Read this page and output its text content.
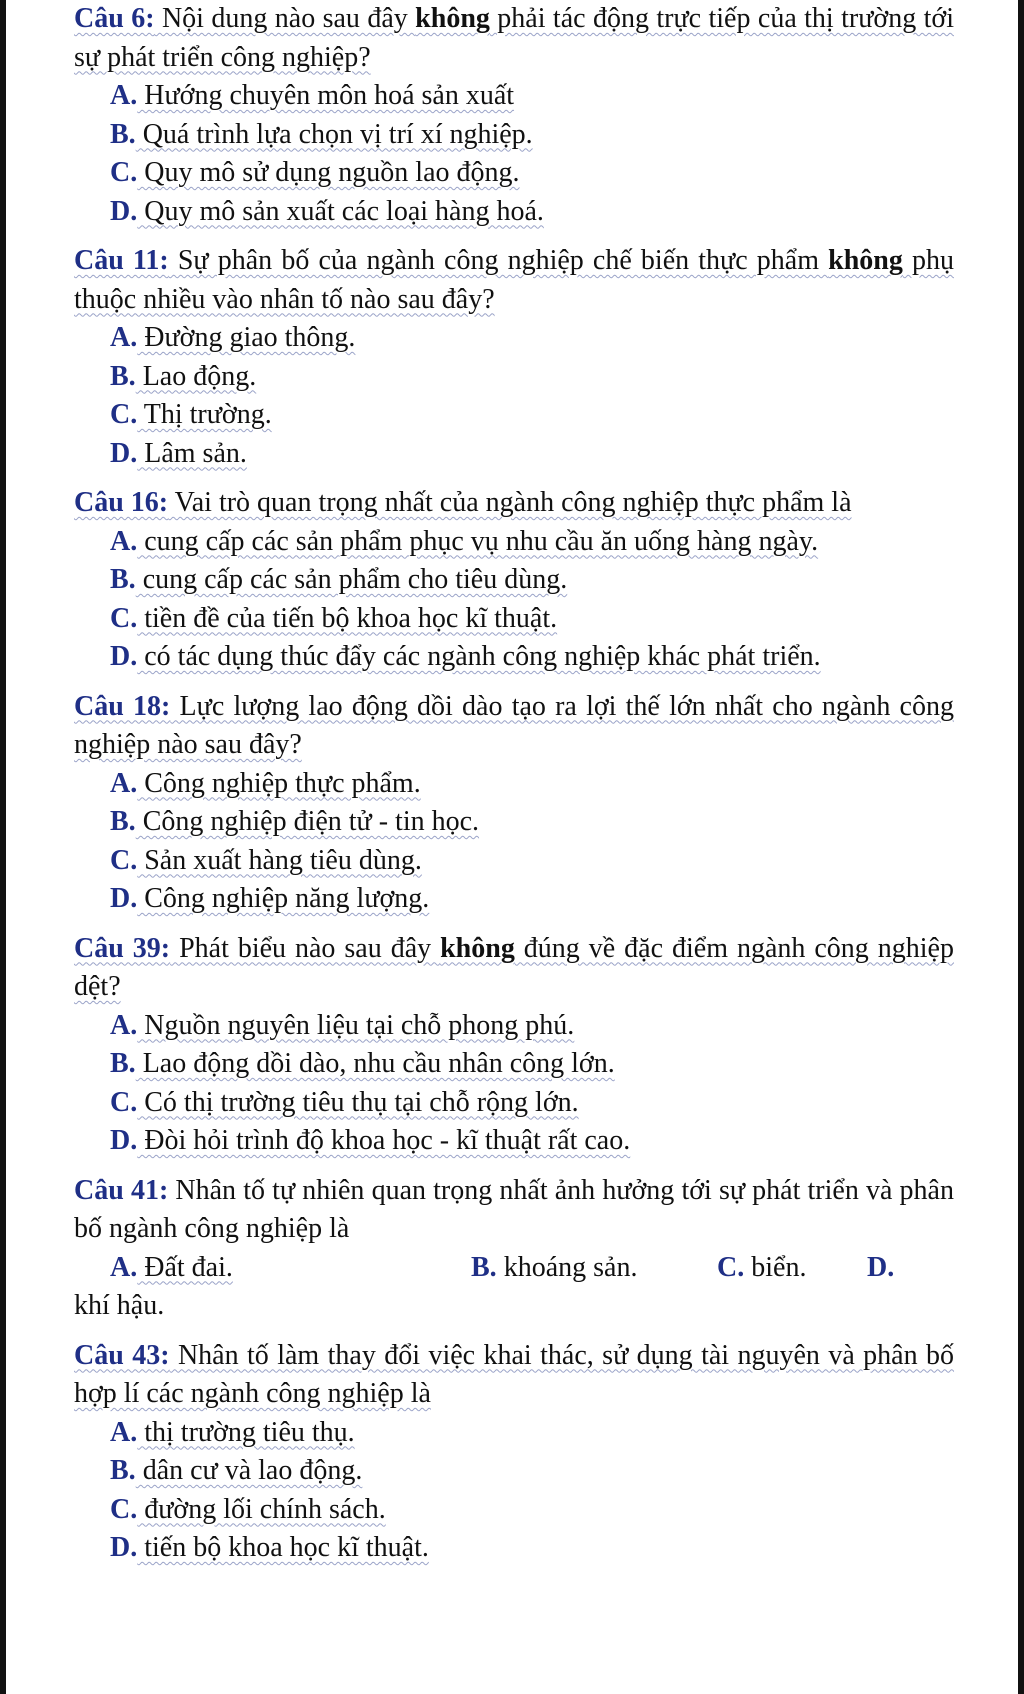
Câu 6: Nội dung nào sau đây không phải tác động trực tiếp của thị trường tới sự phát triển công nghiệp?

A. Hướng chuyên môn hoá sản xuất

B. Quá trình lựa chọn vị trí xí nghiệp.

C. Quy mô sử dụng nguồn lao động.

D. Quy mô sản xuất các loại hàng hoá.

Câu 11: Sự phân bố của ngành công nghiệp chế biến thực phẩm không phụ thuộc nhiều vào nhân tố nào sau đây?

A. Đường giao thông.

B. Lao động.

C. Thị trường.

D. Lâm sản.

Câu 16: Vai trò quan trọng nhất của ngành công nghiệp thực phẩm là

A. cung cấp các sản phẩm phục vụ nhu cầu ăn uống hàng ngày.

B. cung cấp các sản phẩm cho tiêu dùng.

C. tiền đề của tiến bộ khoa học kĩ thuật.

D. có tác dụng thúc đẩy các ngành công nghiệp khác phát triển.

Câu 18: Lực lượng lao động dồi dào tạo ra lợi thế lớn nhất cho ngành công nghiệp nào sau đây?

A. Công nghiệp thực phẩm.

B. Công nghiệp điện tử - tin học.

C. Sản xuất hàng tiêu dùng.

D. Công nghiệp năng lượng.

Câu 39: Phát biểu nào sau đây không đúng về đặc điểm ngành công nghiệp dệt?

A. Nguồn nguyên liệu tại chỗ phong phú.

B. Lao động dồi dào, nhu cầu nhân công lớn.

C. Có thị trường tiêu thụ tại chỗ rộng lớn.

D. Đòi hỏi trình độ khoa học - kĩ thuật rất cao.

Câu 41: Nhân tố tự nhiên quan trọng nhất ảnh hưởng tới sự phát triển và phân bố ngành công nghiệp là

A. Đất đai.	B. khoáng sản.	C. biển. D.

khí hậu.

Câu 43: Nhân tố làm thay đổi việc khai thác, sử dụng tài nguyên và phân bố hợp lí các ngành công nghiệp là

A. thị trường tiêu thụ.

B. dân cư và lao động.

C. đường lối chính sách.

D. tiến bộ khoa học kĩ thuật.
